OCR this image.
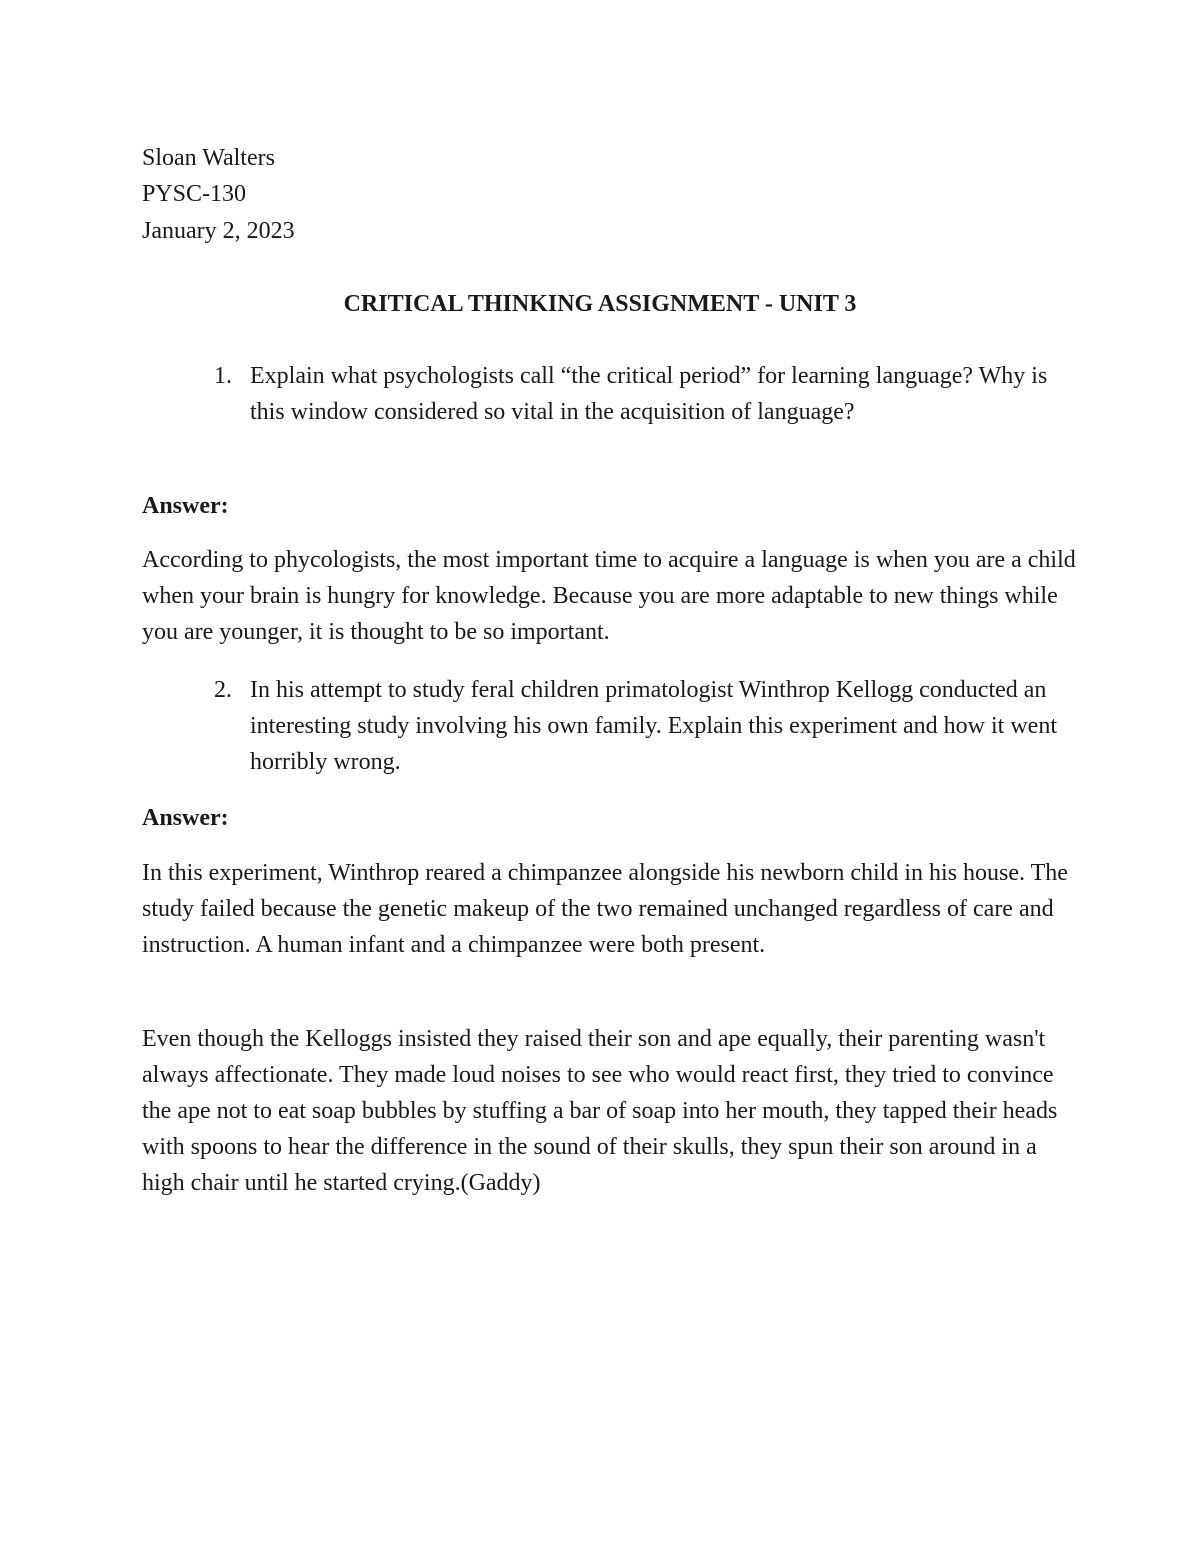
Sloan Walters

PYSC-130

January 2, 2023

CRITICAL THINKING ASSIGNMENT - UNIT 3

1. Explain what psychologists call “the critical period” for learning language? Why is this window considered so vital in the acquisition of language?

Answer:

According to phycologists, the most important time to acquire a language is when you are a child when your brain is hungry for knowledge. Because you are more adaptable to new things while you are younger, it is thought to be so important.

2. In his attempt to study feral children primatologist Winthrop Kellogg conducted an interesting study involving his own family. Explain this experiment and how it went horribly wrong.

Answer:

In this experiment, Winthrop reared a chimpanzee alongside his newborn child in his house. The study failed because the genetic makeup of the two remained unchanged regardless of care and instruction. A human infant and a chimpanzee were both present.

Even though the Kelloggs insisted they raised their son and ape equally, their parenting wasn't always affectionate. They made loud noises to see who would react first, they tried to convince the ape not to eat soap bubbles by stuffing a bar of soap into her mouth, they tapped their heads with spoons to hear the difference in the sound of their skulls, they spun their son around in a high chair until he started crying.(Gaddy)
